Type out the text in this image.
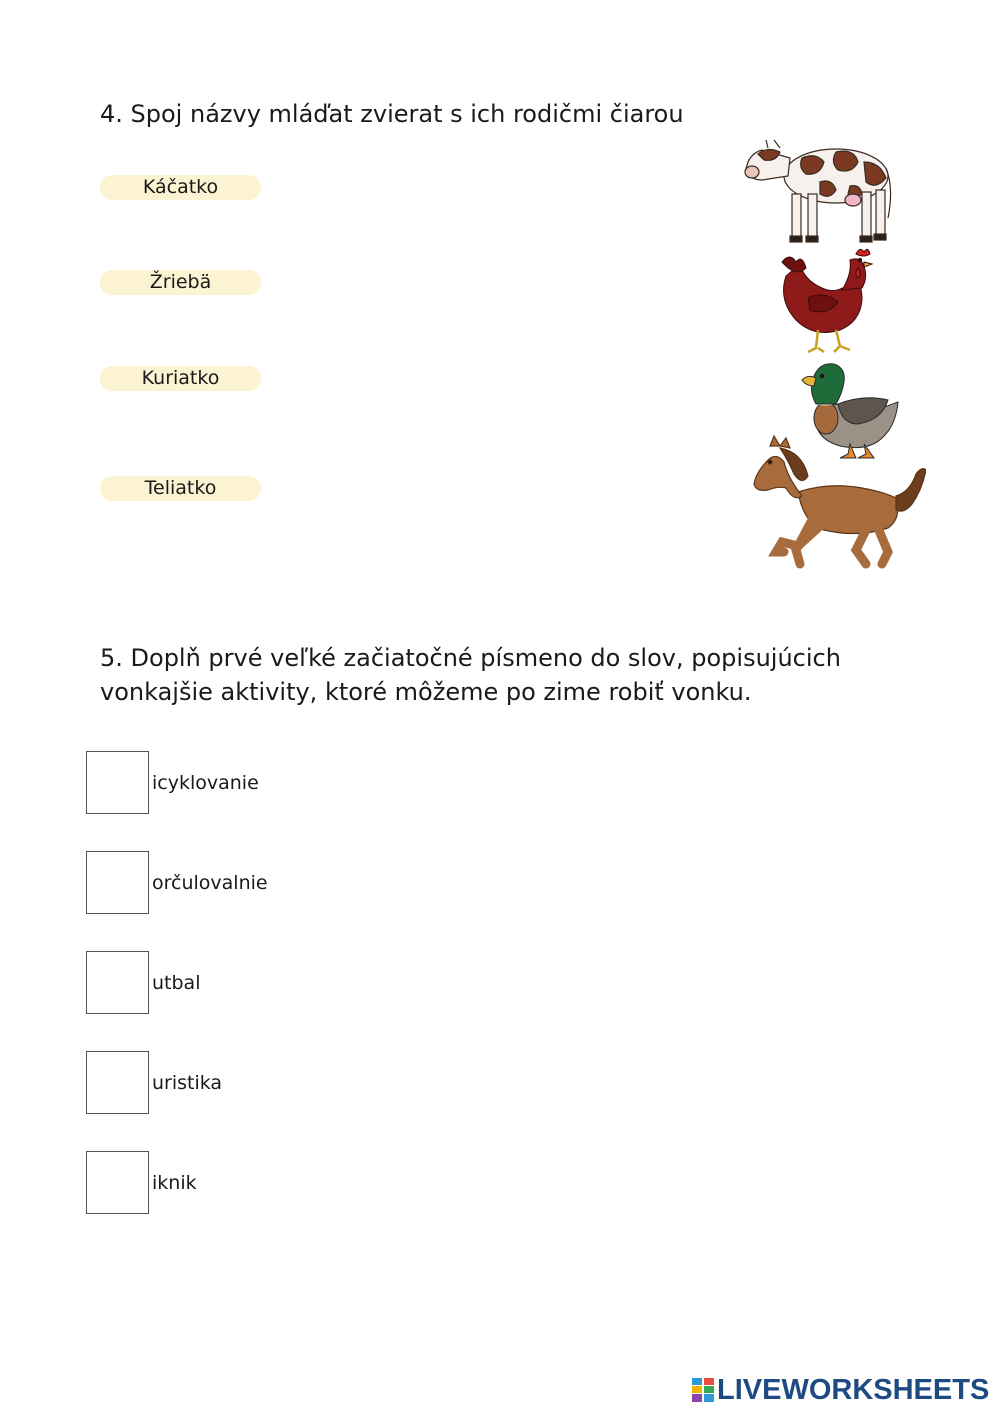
4. Spoj názvy mláďat zvierat s ich rodičmi čiarou
Káčatko
Žriebä
Kuriatko
Teliatko
5. Doplň prvé veľké začiatočné písmeno do slov, popisujúcich vonkajšie aktivity, ktoré môžeme po zime robiť vonku.
icyklovanie
orčulovalnie
utbal
uristika
iknik
LIVEWORKSHEETS
